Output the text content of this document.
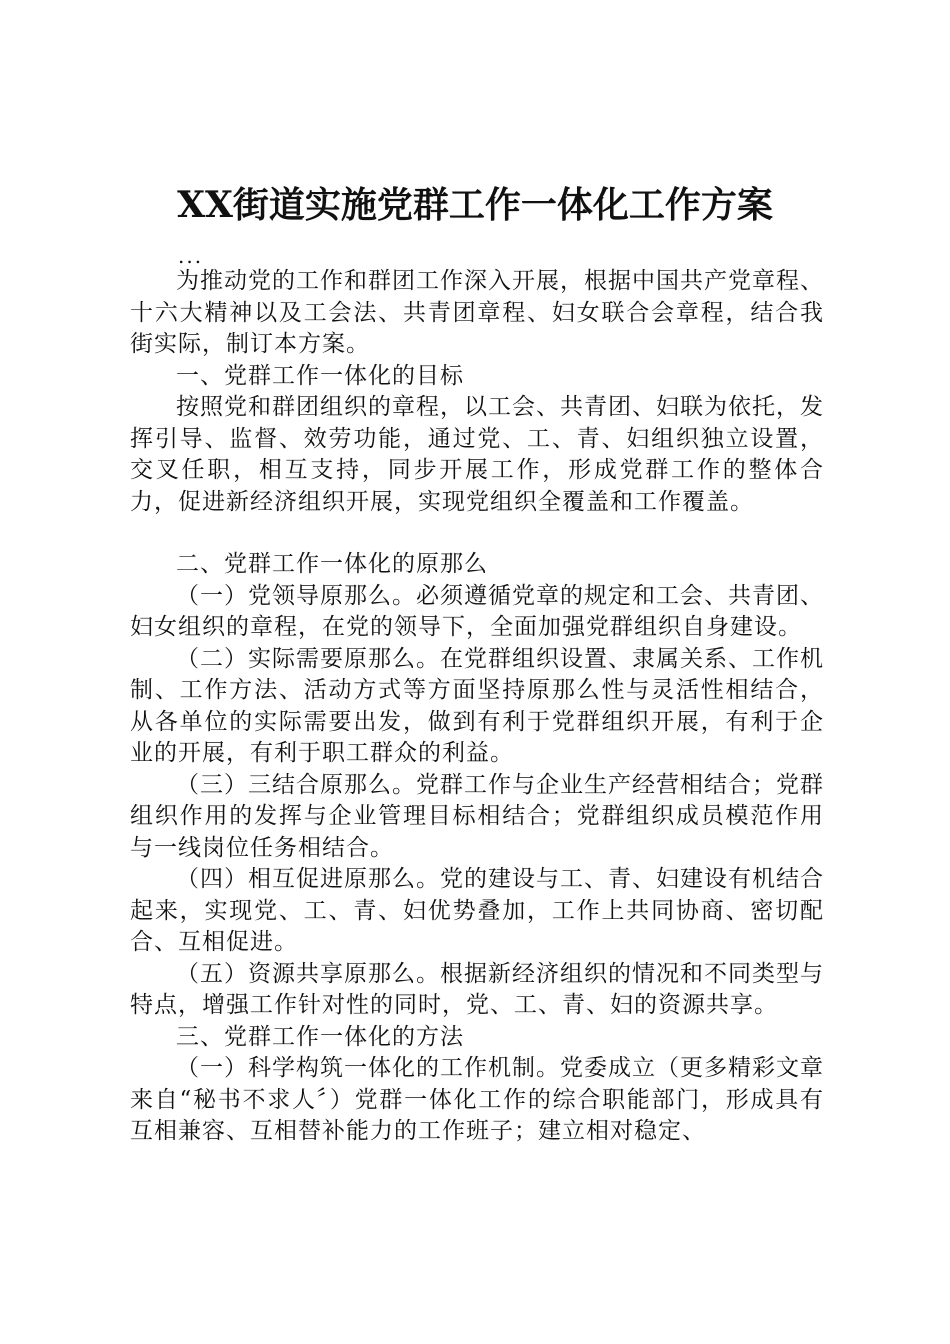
XX街道实施党群工作一体化工作方案
...

为推动党的工作和群团工作深入开展，根据中国共产党章程、十六大精神以及工会法、共青团章程、妇女联合会章程，结合我街实际，制订本方案。

一、党群工作一体化的目标

按照党和群团组织的章程，以工会、共青团、妇联为依托，发挥引导、监督、效劳功能，通过党、工、青、妇组织独立设置，交叉任职，相互支持，同步开展工作，形成党群工作的整体合力，促进新经济组织开展，实现党组织全覆盖和工作覆盖。

二、党群工作一体化的原那么

（一）党领导原那么。必须遵循党章的规定和工会、共青团、妇女组织的章程，在党的领导下，全面加强党群组织自身建设。

（二）实际需要原那么。在党群组织设置、隶属关系、工作机制、工作方法、活动方式等方面坚持原那么性与灵活性相结合，从各单位的实际需要出发，做到有利于党群组织开展，有利于企业的开展，有利于职工群众的利益。

（三）三结合原那么。党群工作与企业生产经营相结合；党群组织作用的发挥与企业管理目标相结合；党群组织成员模范作用与一线岗位任务相结合。

（四）相互促进原那么。党的建设与工、青、妇建设有机结合起来，实现党、工、青、妇优势叠加，工作上共同协商、密切配合、互相促进。

（五）资源共享原那么。根据新经济组织的情况和不同类型与特点，增强工作针对性的同时，党、工、青、妇的资源共享。

三、党群工作一体化的方法

（一）科学构筑一体化的工作机制。党委成立（更多精彩文章来自“秘书不求人〞）党群一体化工作的综合职能部门，形成具有互相兼容、互相替补能力的工作班子；建立相对稳定、
